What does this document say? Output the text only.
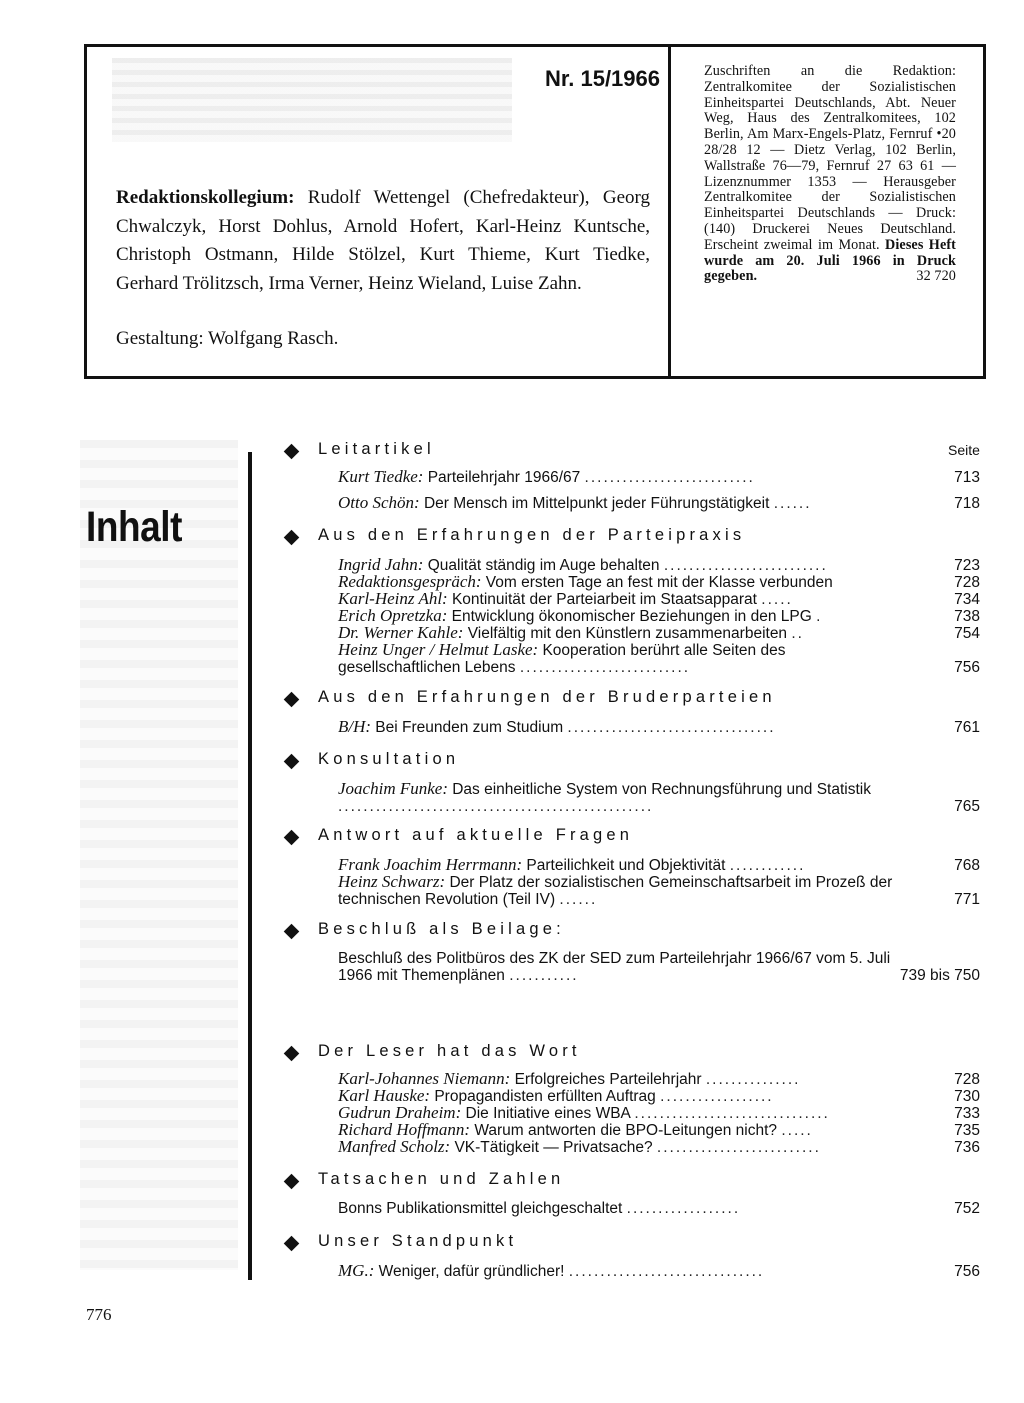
Nr. 15/1966
Redaktionskollegium: Rudolf Wettengel (Chefredakteur), Georg Chwalczyk, Horst Dohlus, Arnold Hofert, Karl-Heinz Kuntsche, Christoph Ostmann, Hilde Stölzel, Kurt Thieme, Kurt Tiedke, Gerhard Trölitzsch, Irma Verner, Heinz Wieland, Luise Zahn.
Gestaltung: Wolfgang Rasch.
Zuschriften an die Redaktion: Zentralkomitee der Sozialistischen Einheitspartei Deutschlands, Abt. Neuer Weg, Haus des Zentralkomitees, 102 Berlin, Am Marx-Engels-Platz, Fernruf •20 28/28 12 — Dietz Verlag, 102 Berlin, Wallstraße 76—79, Fernruf 27 63 61 — Lizenznummer 1353 — Herausgeber Zentralkomitee der Sozialistischen Einheitspartei Deutschlands — Druck: (140) Druckerei Neues Deutschland. Erscheint zweimal im Monat. Dieses Heft wurde am 20. Juli 1966 in Druck gegeben.	32 720
Inhalt
776
Seite
Leitartikel
Kurt Tiedke: Parteilehrjahr 1966/67 ...........................	713
Otto Schön: Der Mensch im Mittelpunkt jeder Führungstätigkeit ......	718
Aus den Erfahrungen der Parteipraxis
Ingrid Jahn: Qualität ständig im Auge behalten ..........................	723
Redaktionsgespräch: Vom ersten Tage an fest mit der Klasse verbunden	728
Karl-Heinz Ahl: Kontinuität der Parteiarbeit im Staatsapparat .....	734
Erich Opretzka: Entwicklung ökonomischer Beziehungen in den LPG .	738
Dr. Werner Kahle: Vielfältig mit den Künstlern zusammenarbeiten ..	754
Heinz Unger / Helmut Laske: Kooperation berührt alle Seiten des gesellschaftlichen Lebens ...........................	756
Aus den Erfahrungen der Bruderparteien
B/H: Bei Freunden zum Studium .................................	761
Konsultation
Joachim Funke: Das einheitliche System von Rechnungsführung und Statistik ..................................................	765
Antwort auf aktuelle Fragen
Frank Joachim Herrmann: Parteilichkeit und Objektivität ............	768
Heinz Schwarz: Der Platz der sozialistischen Gemeinschaftsarbeit im Prozeß der technischen Revolution (Teil IV) ......	771
Beschluß als Beilage:
Beschluß des Politbüros des ZK der SED zum Parteilehrjahr 1966/67 vom 5. Juli 1966 mit Themenplänen ...........	739 bis 750
Der Leser hat das Wort
Karl-Johannes Niemann: Erfolgreiches Parteilehrjahr ...............	728
Karl Hauske: Propagandisten erfüllten Auftrag ..................	730
Gudrun Draheim: Die Initiative eines WBA ...............................	733
Richard Hoffmann: Warum antworten die BPO-Leitungen nicht? .....	735
Manfred Scholz: VK-Tätigkeit — Privatsache? ..........................	736
Tatsachen und Zahlen
Bonns Publikationsmittel gleichgeschaltet ..................	752
Unser Standpunkt
MG.: Weniger, dafür gründlicher! ...............................	756
